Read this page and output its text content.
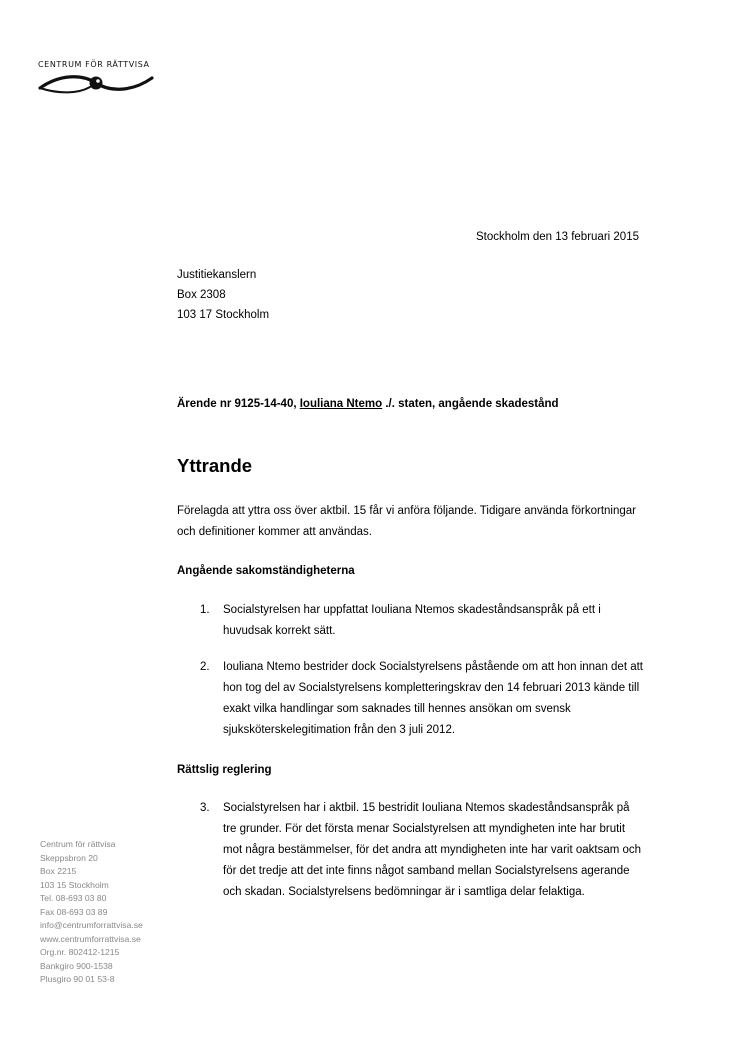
CENTRUM FÖR RÄTTVISA
Stockholm den 13 februari 2015
Justitiekanslern
Box 2308
103 17 Stockholm
Ärende nr 9125-14-40, Iouliana Ntemo ./. staten, angående skadestånd
Yttrande

Förelagda att yttra oss över aktbil. 15 får vi anföra följande. Tidigare använda förkortningar och definitioner kommer att användas.

Angående sakomständigheterna
1. Socialstyrelsen har uppfattat Iouliana Ntemos skadeståndsanspråk på ett i huvudsak korrekt sätt.
2. Iouliana Ntemo bestrider dock Socialstyrelsens påstående om att hon innan det att hon tog del av Socialstyrelsens kompletteringskrav den 14 februari 2013 kände till exakt vilka handlingar som saknades till hennes ansökan om svensk sjuksköterskelegitimation från den 3 juli 2012.
Rättslig reglering
3. Socialstyrelsen har i aktbil. 15 bestridit Iouliana Ntemos skadeståndsanspråk på tre grunder. För det första menar Socialstyrelsen att myndigheten inte har brutit mot några bestämmelser, för det andra att myndigheten inte har varit oaktsam och för det tredje att det inte finns något samband mellan Socialstyrelsens agerande och skadan. Socialstyrelsens bedömningar är i samtliga delar felaktiga.
Centrum för rättvisa
Skeppsbron 20
Box 2215
103 15 Stockholm
Tel. 08-693 03 80
Fax 08-693 03 89
info@centrumforrattvisa.se
www.centrumforrattvisa.se
Org.nr. 802412-1215
Bankgiro 900-1538
Plusgiro 90 01 53-8
